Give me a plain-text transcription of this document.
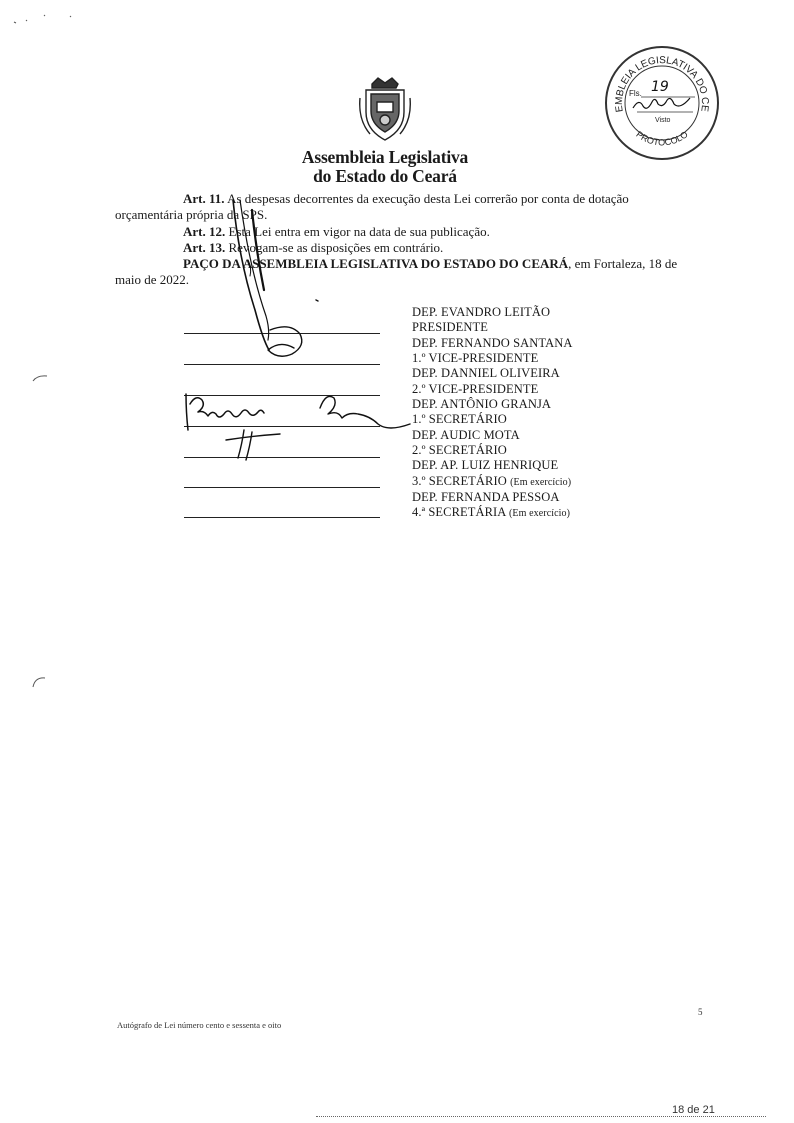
Assembleia Legislativa
do Estado do Ceará
EMBLEIA LEGISLATIVA DO CE
PROTOCOLO
Fls. 19
Visto
Art. 11. As despesas decorrentes da execução desta Lei correrão por conta de dotação
orçamentária própria da SPS.
Art. 12. Esta Lei entra em vigor na data de sua publicação.
Art. 13. Revogam-se as disposições em contrário.
PAÇO DA ASSEMBLEIA LEGISLATIVA DO ESTADO DO CEARÁ, em Fortaleza, 18 de
maio de 2022.
DEP. EVANDRO LEITÃO
PRESIDENTE
DEP. FERNANDO SANTANA
1.º VICE-PRESIDENTE
DEP. DANNIEL OLIVEIRA
2.º VICE-PRESIDENTE
DEP. ANTÔNIO GRANJA
1.º SECRETÁRIO
DEP. AUDIC MOTA
2.º SECRETÁRIO
DEP. AP. LUIZ HENRIQUE
3.º SECRETÁRIO (Em exercício)
DEP. FERNANDA PESSOA
4.ª SECRETÁRIA (Em exercício)
Autógrafo de Lei número cento e sessenta e oito
5
18 de 21
